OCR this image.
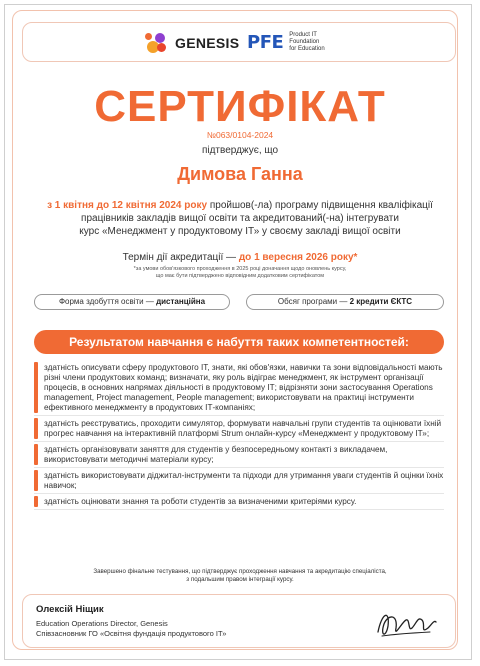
GENESIS PFE Product IT
Foundation
for Education
СЕРТИФІКАТ
№063/0104-2024
підтверджує, що
Димова Ганна
з 1 квітня до 12 квітня 2024 року пройшов(-ла) програму підвищення кваліфікації
працівників закладів вищої освіти та акредитований(-на) інтегрувати
курс «Менеджмент у продуктовому ІТ» у своєму закладі вищої освіти
Термін дії акредитації — до 1 вересня 2026 року*
*за умови обов'язкового проходження в 2025 році доначання щодо оновлень курсу,
що має бути підтверджено відповідним додатковим сертифікатом
Форма здобуття освіти — дистанційна	Обсяг програми — 2 кредити ЄКТС
Результатом навчання є набуття таких компетентностей:
здатність описувати сферу продуктового ІТ, знати, які обов'язки, навички та зони відповідальності мають різні члени продуктових команд; визначати, яку роль відіграє менеджмент, як інструмент організації процесів, в основних напрямах діяльності в продуктовому ІТ; відрізняти зони застосування Operations management, Project management, People management; використовувати на практиці інструменти ефективного менеджменту в продуктових ІТ-компаніях;
здатність реєструватись, проходити симулятор, формувати навчальні групи студентів та оцінювати їхній прогрес навчання на інтерактивній платформі Strum онлайн-курсу «Менеджмент у продуктовому ІТ»;
здатність організовувати заняття для студентів у безпосередньому контакті з викладачем, використовувати методичні матеріали курсу;
здатність використовувати діджитал-інструменти та підходи для утримання уваги студентів й оцінки їхніх навичок;
здатність оцінювати знання та роботи студентів за визначеними критеріями курсу.
Завершено фінальне тестування, що підтверджує проходження навчання та акредитацію спеціаліста,
з подальшим правом інтеграції курсу.
Олексій Ніщик
Education Operations Director, Genesis
Співзасновник ГО «Освітня фундація продуктового ІТ»
